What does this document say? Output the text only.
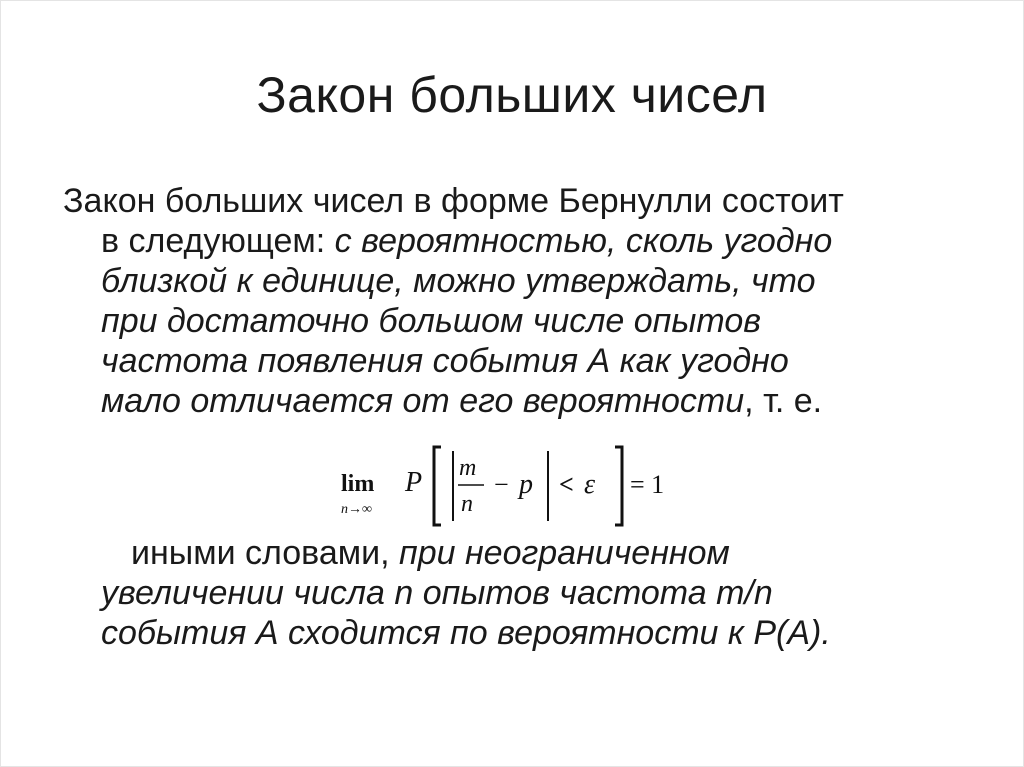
Закон больших чисел
Закон больших чисел в форме Бернулли состоит
в следующем: с вероятностью, сколь угодно
близкой к единице, можно утверждать, что
при достаточно большом числе опытов
частота появления события А как угодно
мало отличается от его вероятности, т. е.
lim
n→∞
P m
n
− p < ε = 1
иными словами, при неограниченном
увеличении числа n опытов частота m/n
события А сходится по вероятности к Р(А).
